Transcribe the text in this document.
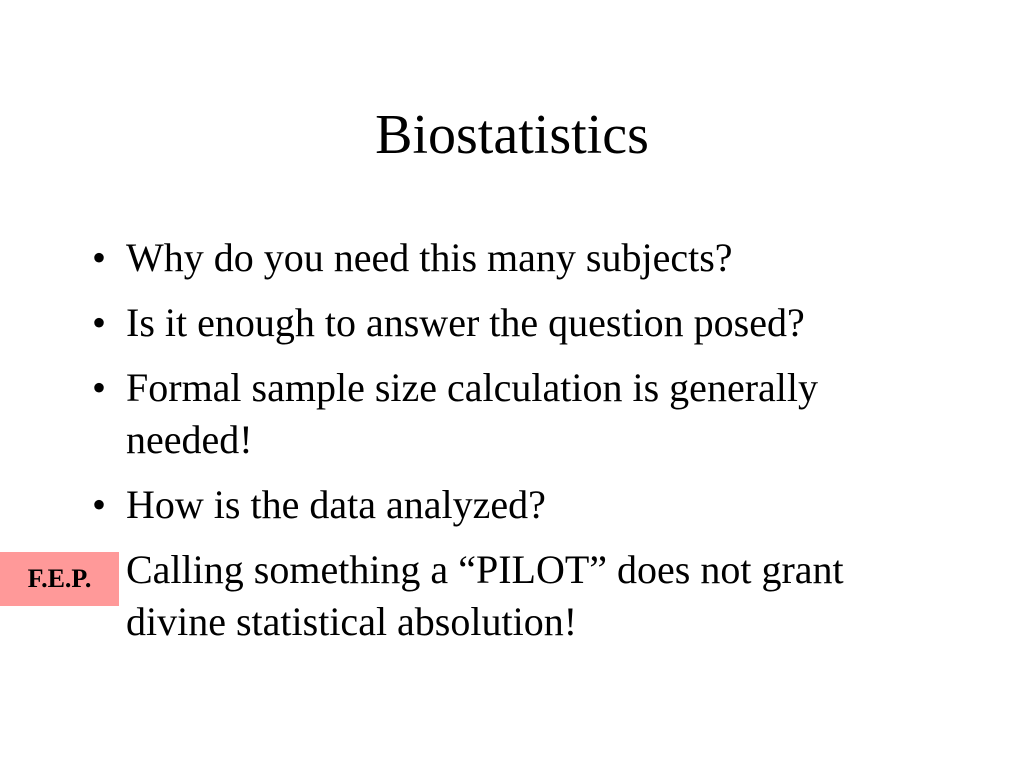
Biostatistics
• Why do you need this many subjects?
• Is it enough to answer the question posed?
• Formal sample size calculation is generally needed!
• How is the data analyzed?
Calling something a “PILOT” does not grant divine statistical absolution!
F.E.P.
